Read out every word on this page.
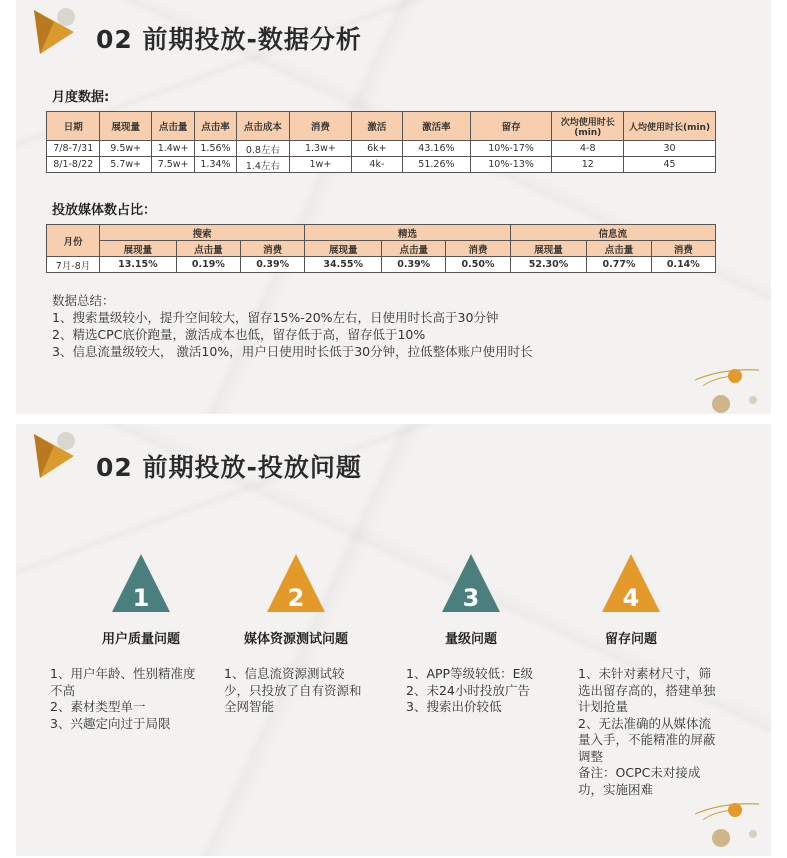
02 前期投放-数据分析
月度数据:
日期	展现量	点击量	点击率	点击成本	消费	激活	激活率	留存	次均使用时长(min)	人均使用时长(min)
7/8-7/31	9.5w+	1.4w+	1.56%	0.8左右	1.3w+	6k+	43.16%	10%-17%	4-8	30
8/1-8/22	5.7w+	7.5w+	1.34%	1.4左右	1w+	4k-	51.26%	10%-13%	12	45
投放媒体数占比：
月份	搜索			精选			信息流		
	展现量	点击量	消费	展现量	点击量	消费	展现量	点击量	消费
7月-8月	13.15%	0.19%	0.39%	34.55%	0.39%	0.50%	52.30%	0.77%	0.14%
数据总结：
1、搜索量级较小，提升空间较大，留存15%-20%左右，日使用时长高于30分钟
2、精选CPC底价跑量，激活成本也低，留存低于高，留存低于10%
3、信息流量级较大， 激活10%，用户日使用时长低于30分钟，拉低整体账户使用时长
02 前期投放-投放问题
1
用户质量问题
1、用户年龄、性别精准度不高
2、素材类型单一
3、兴趣定向过于局限
2
媒体资源测试问题
1、信息流资源测试较少，只投放了自有资源和全网智能
3
量级问题
1、APP等级较低：E级
2、未24小时投放广告
3、搜索出价较低
4
留存问题
1、未针对素材尺寸，筛选出留存高的，搭建单独计划抢量
2、无法准确的从媒体流量入手，不能精准的屏蔽调整
备注：OCPC未对接成功，实施困难
